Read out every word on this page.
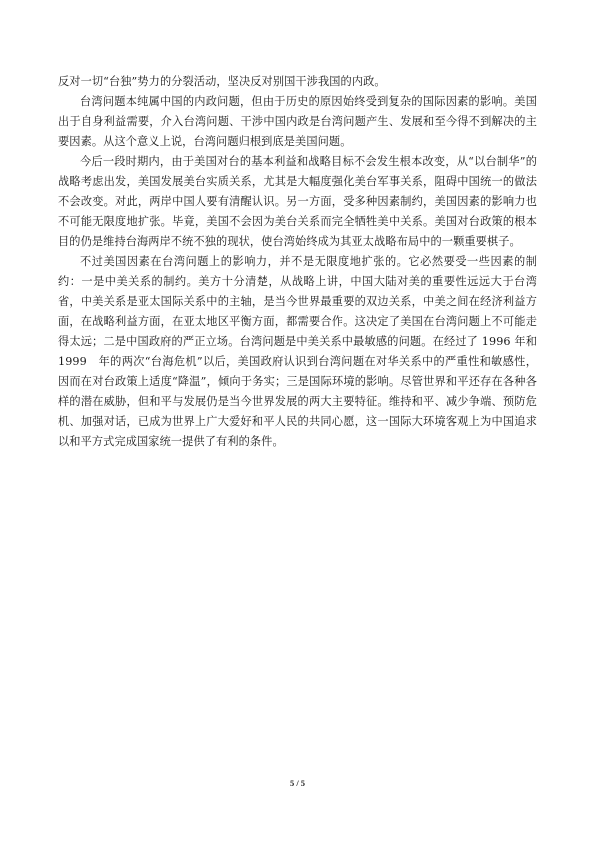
反对一切“台独”势力的分裂活动，坚决反对别国干涉我国的内政。

台湾问题本纯属中国的内政问题，但由于历史的原因始终受到复杂的国际因素的影响。美国出于自身利益需要，介入台湾问题、干涉中国内政是台湾问题产生、发展和至今得不到解决的主要因素。从这个意义上说，台湾问题归根到底是美国问题。

今后一段时期内，由于美国对台的基本利益和战略目标不会发生根本改变，从“以台制华”的战略考虑出发，美国发展美台实质关系，尤其是大幅度强化美台军事关系，阻碍中国统一的做法不会改变。对此，两岸中国人要有清醒认识。另一方面，受多种因素制约，美国因素的影响力也不可能无限度地扩张。毕竟，美国不会因为美台关系而完全牺牲美中关系。美国对台政策的根本目的仍是维持台海两岸不统不独的现状，使台湾始终成为其亚太战略布局中的一颗重要棋子。

不过美国因素在台湾问题上的影响力，并不是无限度地扩张的。它必然要受一些因素的制约：一是中美关系的制约。美方十分清楚，从战略上讲，中国大陆对美的重要性远远大于台湾省，中美关系是亚太国际关系中的主轴，是当今世界最重要的双边关系，中美之间在经济利益方面，在战略利益方面，在亚太地区平衡方面，都需要合作。这决定了美国在台湾问题上不可能走得太远；二是中国政府的严正立场。台湾问题是中美关系中最敏感的问题。在经过了 1996 年和 1999　年的两次“台海危机”以后，美国政府认识到台湾问题在对华关系中的严重性和敏感性，因而在对台政策上适度“降温”，倾向于务实；三是国际环境的影响。尽管世界和平还存在各种各样的潜在威胁，但和平与发展仍是当今世界发展的两大主要特征。维持和平、减少争端、预防危机、加强对话，已成为世界上广大爱好和平人民的共同心愿，这一国际大环境客观上为中国追求以和平方式完成国家统一提供了有利的条件。

5 / 5
